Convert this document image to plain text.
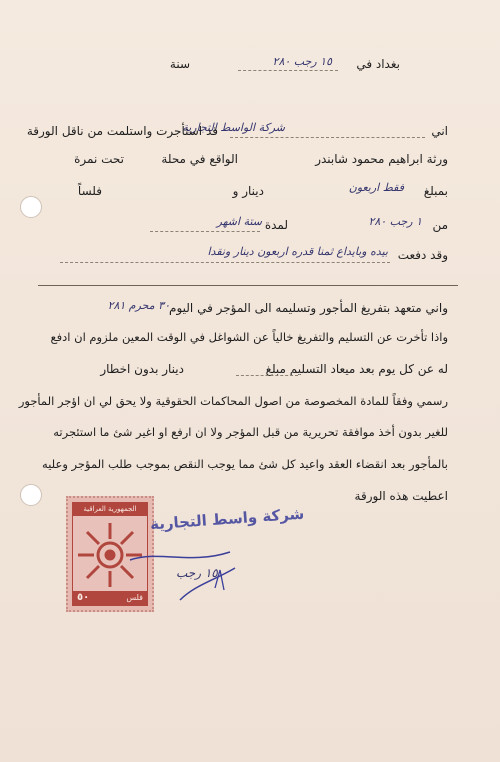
بغداد في
١٥ رجب ٢٨٠
سنة
اني
شركة الواسط التجارية
قد استأجرت واستلمت من ناقل الورقة
ورثة ابراهيم محمود شابندر
الواقع في محلة
تحت نمرة
بمبلغ
فقط اربعون
دينار و
فلساً
من
١ رجب ٢٨٠
لمدة
ستة اشهر
وقد دفعت
بيده وبايداع ثمنا قدره اربعون دينار ونقدا
واني متعهد بتفريغ المأجور وتسليمه الى المؤجر في اليوم
٣٠ محرم ٢٨١
واذا تأخرت عن التسليم والتفريغ خالياً عن الشواغل في الوقت المعين ملزوم ان ادفع
له عن كل يوم بعد ميعاد التسليم مبلغ
دينار بدون اخطار
رسمي وفقاً للمادة المخصوصة من اصول المحاكمات الحقوقية ولا يحق لي ان اؤجر المأجور
للغير بدون أخذ موافقة تحريرية من قبل المؤجر ولا ان ارفع او اغير شئ ما استئجرته
بالمأجور بعد انقضاء العقد واعيد كل شئ مما يوجب النقص بموجب طلب المؤجر وعليه
اعطيت هذه الورقة
الجمهورية العراقية
٥٠	فلس
شركة واسط التجارية
١٥ رجب
